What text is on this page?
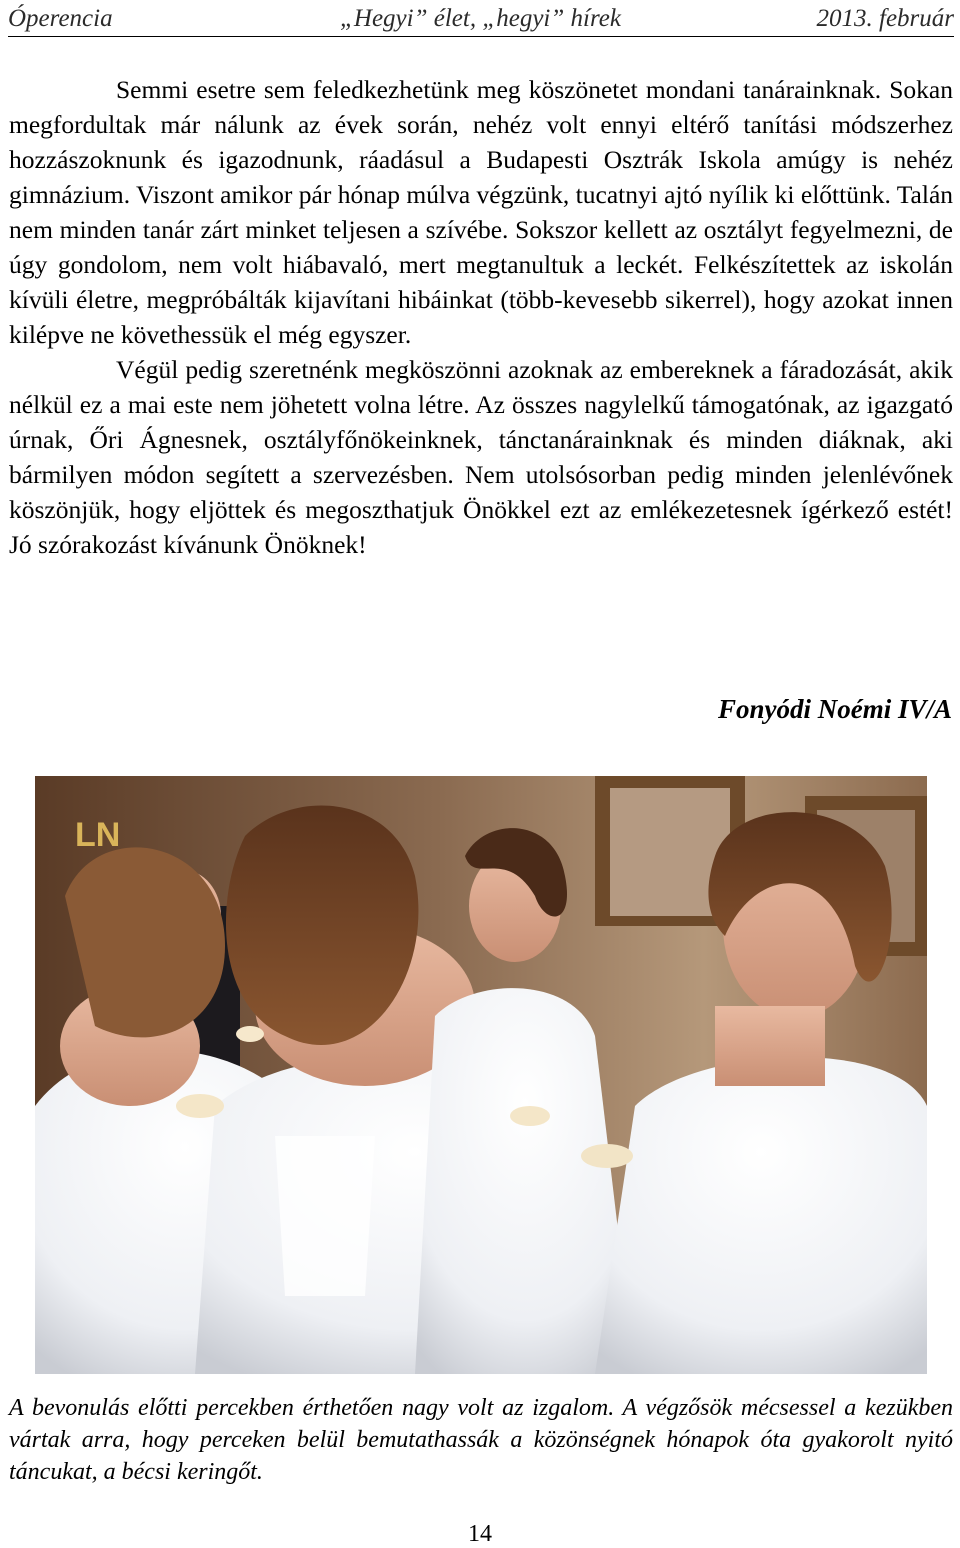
Óperencia	„Hegyi” élet, „hegyi” hírek	2013. február

Semmi esetre sem feledkezhetünk meg köszönetet mondani tanárainknak. Sokan megfordultak már nálunk az évek során, nehéz volt ennyi eltérő tanítási módszerhez hozzászoknunk és igazodnunk, ráadásul a Budapesti Osztrák Iskola amúgy is nehéz gimnázium. Viszont amikor pár hónap múlva végzünk, tucatnyi ajtó nyílik ki előttünk. Talán nem minden tanár zárt minket teljesen a szívébe. Sokszor kellett az osztályt fegyelmezni, de úgy gondolom, nem volt hiábavaló, mert megtanultuk a leckét. Felkészítettek az iskolán kívüli életre, megpróbálták kijavítani hibáinkat (több-kevesebb sikerrel), hogy azokat innen kilépve ne követhessük el még egyszer.

Végül pedig szeretnénk megköszönni azoknak az embereknek a fáradozását, akik nélkül ez a mai este nem jöhetett volna létre. Az összes nagylelkű támogatónak, az igazgató úrnak, Őri Ágnesnek, osztályfőnökeinknek, tánctanárainknak és minden diáknak, aki bármilyen módon segített a szervezésben. Nem utolsósorban pedig minden jelenlévőnek köszönjük, hogy eljöttek és megoszthatjuk Önökkel ezt az emlékezetesnek ígérkező estét! Jó szórakozást kívánunk Önöknek!

Fonyódi Noémi IV/A
LN

A bevonulás előtti percekben érthetően nagy volt az izgalom. A végzősök mécsessel a kezükben vártak arra, hogy perceken belül bemutathassák a közönségnek hónapok óta gyakorolt nyitó táncukat, a bécsi keringőt.

14
